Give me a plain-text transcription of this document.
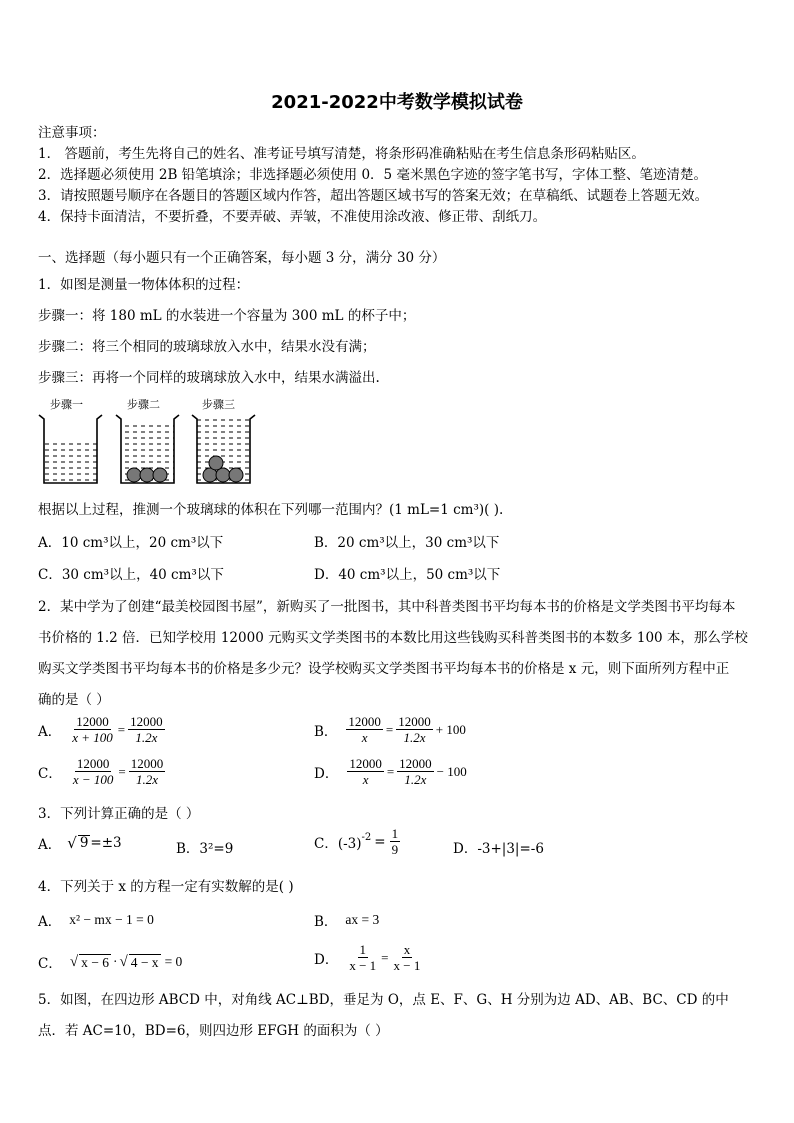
2021-2022中考数学模拟试卷
注意事项：
1． 答题前，考生先将自己的姓名、准考证号填写清楚，将条形码准确粘贴在考生信息条形码粘贴区。
2．选择题必须使用 2B 铅笔填涂；非选择题必须使用 0．5 毫米黑色字迹的签字笔书写，字体工整、笔迹清楚。
3．请按照题号顺序在各题目的答题区域内作答，超出答题区域书写的答案无效；在草稿纸、试题卷上答题无效。
4．保持卡面清洁，不要折叠，不要弄破、弄皱，不准使用涂改液、修正带、刮纸刀。
一、选择题（每小题只有一个正确答案，每小题 3 分，满分 30 分）
1．如图是测量一物体体积的过程：
步骤一：将 180 mL 的水装进一个容量为 300 mL 的杯子中；
步骤二：将三个相同的玻璃球放入水中，结果水没有满；
步骤三：再将一个同样的玻璃球放入水中，结果水满溢出.
步骤一	步骤二	步骤三
根据以上过程，推测一个玻璃球的体积在下列哪一范围内？(1 mL=1 cm³)( ).
A．10 cm³以上，20 cm³以下	B．20 cm³以上，30 cm³以下
C．30 cm³以上，40 cm³以下	D．40 cm³以上，50 cm³以下
2．某中学为了创建“最美校园图书屋”，新购买了一批图书，其中科普类图书平均每本书的价格是文学类图书平均每本
书价格的 1.2 倍．已知学校用 12000 元购买文学类图书的本数比用这些钱购买科普类图书的本数多 100 本，那么学校
购买文学类图书平均每本书的价格是多少元？设学校购买文学类图书平均每本书的价格是 x 元，则下面所列方程中正
确的是（ ）
A． $\frac{12000}{x + 100} = \frac{12000}{1.2x}$	B． $\frac{12000}{x} = \frac{12000}{1.2x} + 100$
C． $\frac{12000}{x - 100} = \frac{12000}{1.2x}$	D． $\frac{12000}{x} = \frac{12000}{1.2x} - 100$
3．下列计算正确的是（ ）
A． √ 9 =±3	B．3²=9	C．$(-3)^{-2} = \frac{1}{9}$	D．-3+|3|=-6
4．下列关于 x 的方程一定有实数解的是( )
A． x² − mx − 1 = 0	B． ax = 3
C． √ x − 6 · √ 4 − x = 0	D． $\frac{1}{x - 1} = \frac{x}{x - 1}$
5．如图，在四边形 ABCD 中，对角线 AC⊥BD，垂足为 O，点 E、F、G、H 分别为边 AD、AB、BC、CD 的中
点．若 AC=10，BD=6，则四边形 EFGH 的面积为（ ）
